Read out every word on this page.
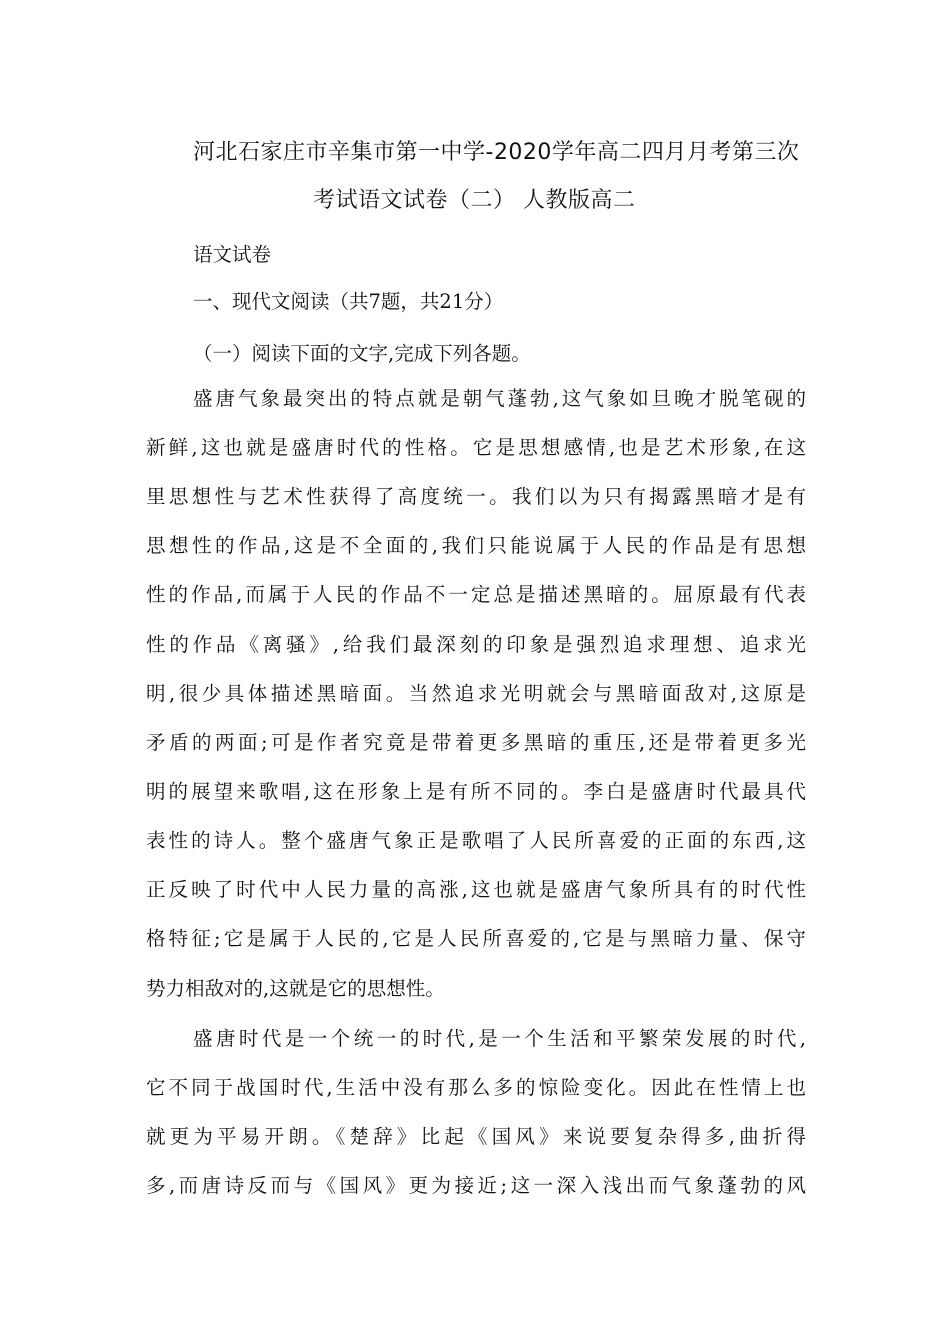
河北石家庄市辛集市第一中学-2020学年高二四月月考第三次
考试语文试卷（二） 人教版高二
语文试卷
一、现代文阅读（共7题，共21分）
（一）阅读下面的文字,完成下列各题。
盛唐气象最突出的特点就是朝气蓬勃,这气象如旦晚才脱笔砚的
新鲜,这也就是盛唐时代的性格。它是思想感情,也是艺术形象,在这
里思想性与艺术性获得了高度统一。我们以为只有揭露黑暗才是有
思想性的作品,这是不全面的,我们只能说属于人民的作品是有思想
性的作品,而属于人民的作品不一定总是描述黑暗的。屈原最有代表
性的作品《离骚》,给我们最深刻的印象是强烈追求理想、追求光
明,很少具体描述黑暗面。当然追求光明就会与黑暗面敌对,这原是
矛盾的两面;可是作者究竟是带着更多黑暗的重压,还是带着更多光
明的展望来歌唱,这在形象上是有所不同的。李白是盛唐时代最具代
表性的诗人。整个盛唐气象正是歌唱了人民所喜爱的正面的东西,这
正反映了时代中人民力量的高涨,这也就是盛唐气象所具有的时代性
格特征;它是属于人民的,它是人民所喜爱的,它是与黑暗力量、保守
势力相敌对的,这就是它的思想性。
盛唐时代是一个统一的时代,是一个生活和平繁荣发展的时代,
它不同于战国时代,生活中没有那么多的惊险变化。因此在性情上也
就更为平易开朗。《楚辞》比起《国风》来说要复杂得多,曲折得
多,而唐诗反而与《国风》更为接近;这一深入浅出而气象蓬勃的风
